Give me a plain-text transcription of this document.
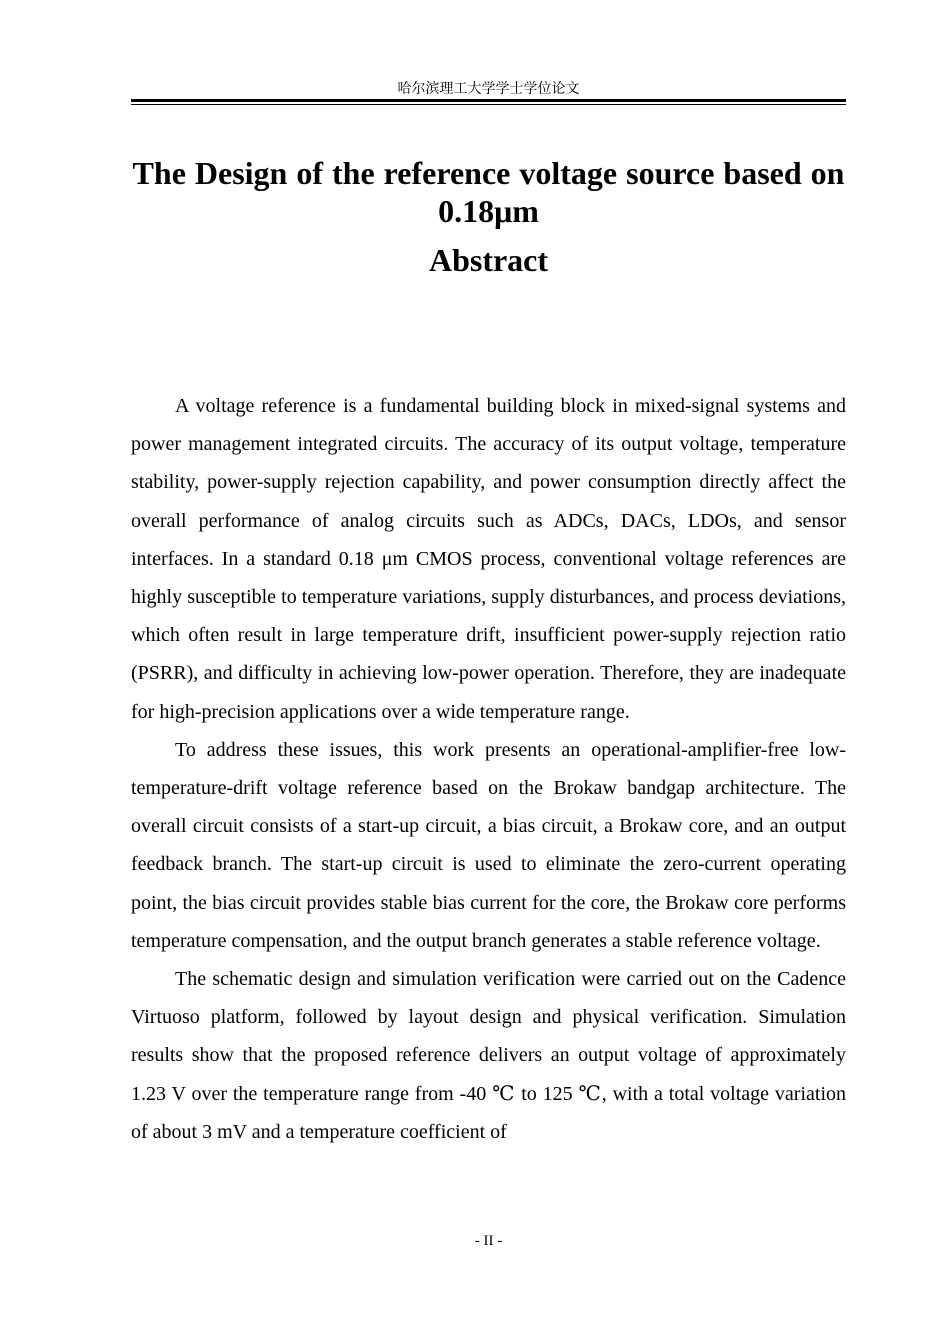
哈尔滨理工大学学士学位论文
The Design of the reference voltage source based on 0.18μm
Abstract

A voltage reference is a fundamental building block in mixed-signal systems and power management integrated circuits. The accuracy of its output voltage, temperature stability, power-supply rejection capability, and power consumption directly affect the overall performance of analog circuits such as ADCs, DACs, LDOs, and sensor interfaces. In a standard 0.18 μm CMOS process, conventional voltage references are highly susceptible to temperature variations, supply disturbances, and process deviations, which often result in large temperature drift, insufficient power-supply rejection ratio (PSRR), and difficulty in achieving low-power operation. Therefore, they are inadequate for high-precision applications over a wide temperature range.

To address these issues, this work presents an operational-amplifier-free low-temperature-drift voltage reference based on the Brokaw bandgap architecture. The overall circuit consists of a start-up circuit, a bias circuit, a Brokaw core, and an output feedback branch. The start-up circuit is used to eliminate the zero-current operating point, the bias circuit provides stable bias current for the core, the Brokaw core performs temperature compensation, and the output branch generates a stable reference voltage.

The schematic design and simulation verification were carried out on the Cadence Virtuoso platform, followed by layout design and physical verification. Simulation results show that the proposed reference delivers an output voltage of approximately 1.23 V over the temperature range from -40 ℃ to 125 ℃, with a total voltage variation of about 3 mV and a temperature coefficient of

- II -
